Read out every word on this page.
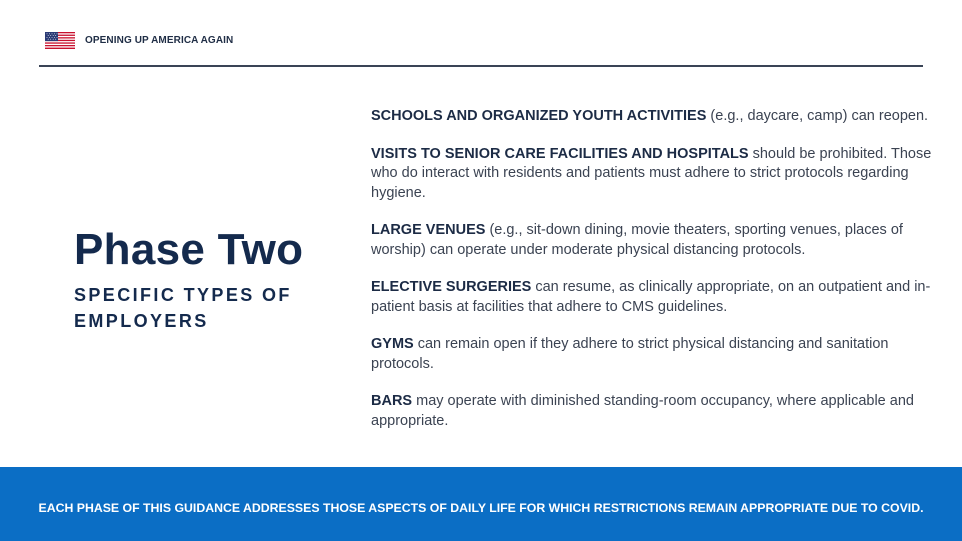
OPENING UP AMERICA AGAIN
Phase Two
SPECIFIC TYPES OF EMPLOYERS

SCHOOLS AND ORGANIZED YOUTH ACTIVITIES (e.g., daycare, camp) can reopen.

VISITS TO SENIOR CARE FACILITIES AND HOSPITALS should be prohibited. Those who do interact with residents and patients must adhere to strict protocols regarding hygiene.

LARGE VENUES (e.g., sit-down dining, movie theaters, sporting venues, places of worship) can operate under moderate physical distancing protocols.

ELECTIVE SURGERIES can resume, as clinically appropriate, on an outpatient and in-patient basis at facilities that adhere to CMS guidelines.

GYMS can remain open if they adhere to strict physical distancing and sanitation protocols.

BARS may operate with diminished standing-room occupancy, where applicable and appropriate.

EACH PHASE OF THIS GUIDANCE ADDRESSES THOSE ASPECTS OF DAILY LIFE FOR WHICH RESTRICTIONS REMAIN APPROPRIATE DUE TO COVID.
